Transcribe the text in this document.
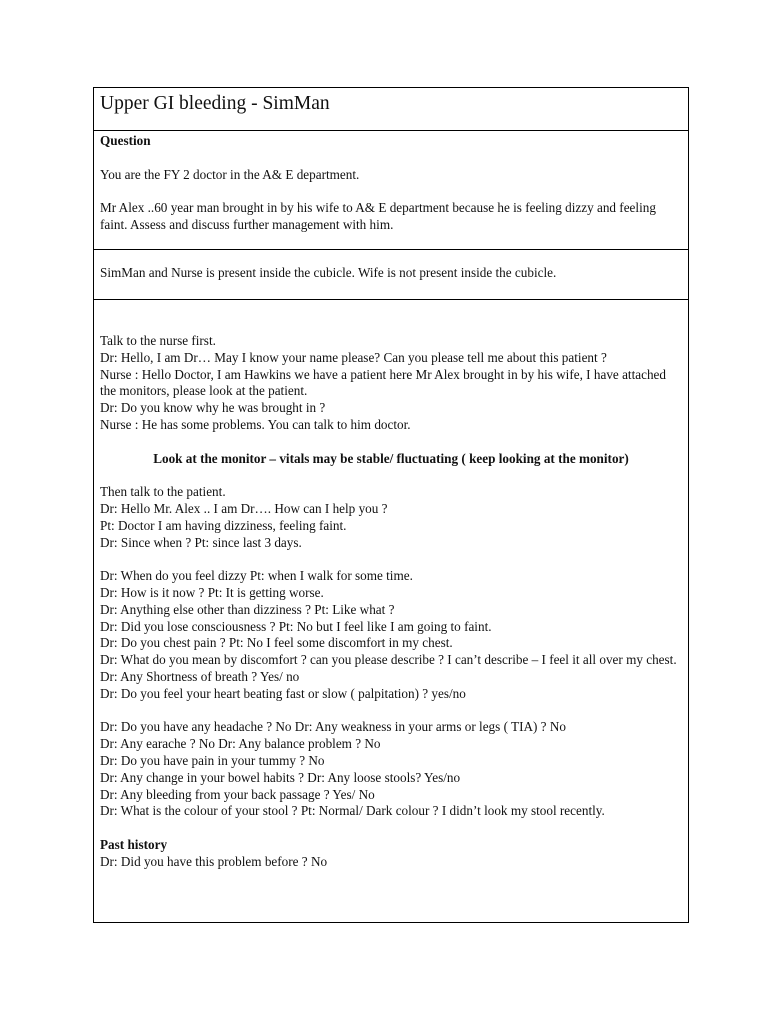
Upper GI bleeding - SimMan
Question
You are the FY 2 doctor in the A& E department.
Mr Alex ..60 year man brought in by his wife to A& E department because he is feeling dizzy and feeling faint. Assess and discuss further management with him.
SimMan and Nurse is present inside the cubicle. Wife is not present inside the cubicle.
Talk to the nurse first.
Dr: Hello, I am Dr… May I know your name please? Can you please tell me about this patient ?
Nurse : Hello Doctor, I am Hawkins we have a patient here Mr Alex brought in by his wife, I have attached the monitors, please look at the patient.
Dr: Do you know why he was brought in ?
Nurse : He has some problems. You can talk to him doctor.
Look at the monitor – vitals may be stable/ fluctuating ( keep looking at the monitor)
Then talk to the patient.
Dr: Hello Mr. Alex .. I am Dr…. How can I help you ?
Pt: Doctor I am having dizziness, feeling faint.
Dr: Since when ? Pt: since last 3 days.
Dr: When do you feel dizzy Pt: when I walk for some time.
Dr: How is it now ? Pt: It is getting worse.
Dr: Anything else other than dizziness ? Pt: Like what ?
Dr: Did you lose consciousness ? Pt: No but I feel like I am going to faint.
Dr: Do you chest pain ? Pt: No I feel some discomfort in my chest.
Dr: What do you mean by discomfort ? can you please describe ? I can’t describe – I feel it all over my chest.
Dr: Any Shortness of breath ? Yes/ no
Dr: Do you feel your heart beating fast or slow ( palpitation) ? yes/no
Dr: Do you have any headache ? No Dr: Any weakness in your arms or legs ( TIA) ? No
Dr: Any earache ? No Dr: Any balance problem ? No
Dr: Do you have pain in your tummy ? No
Dr: Any change in your bowel habits ? Dr: Any loose stools? Yes/no
Dr: Any bleeding from your back passage ? Yes/ No
Dr: What is the colour of your stool ? Pt: Normal/ Dark colour ? I didn’t look my stool recently.
Past history
Dr: Did you have this problem before ? No
